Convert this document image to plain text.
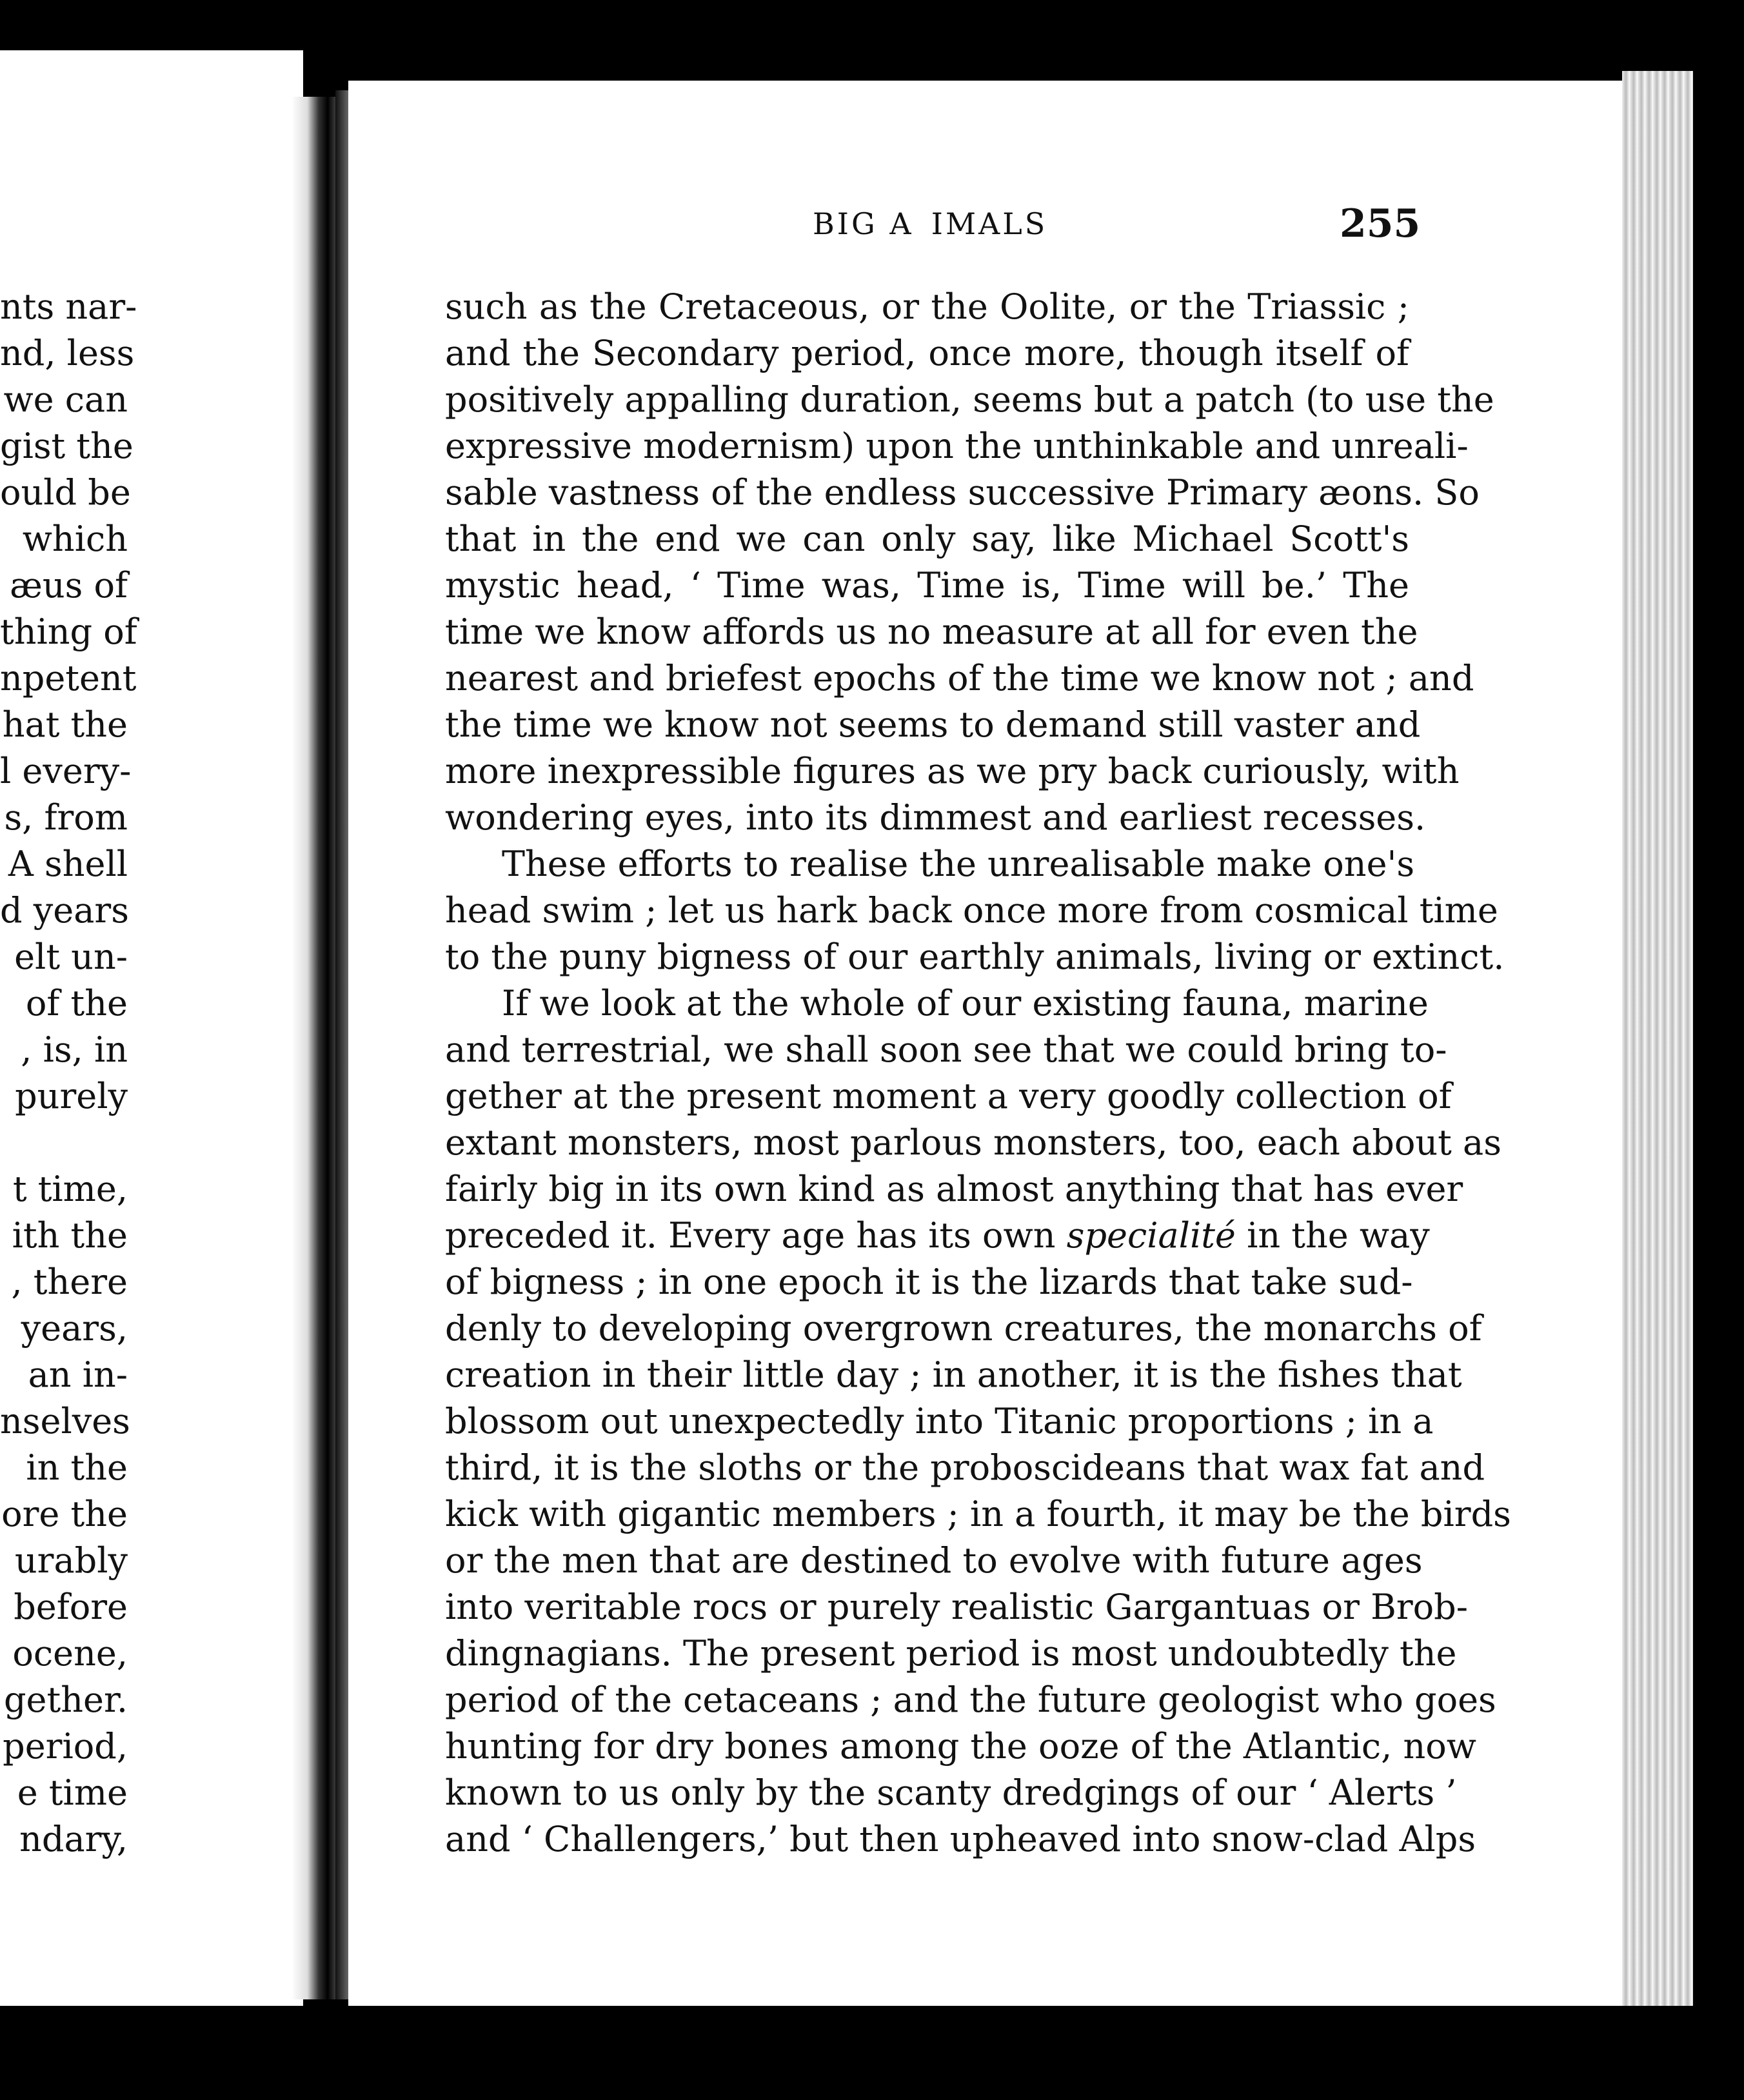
nts nar-
nd, less
we can
gist the
ould be
which
æus of
thing of
npetent
hat the
l every-
s, from
A shell
d years
elt un-
of the
, is, in
purely
t time,
ith the
, there
years,
an in-
nselves
in the
ore the
urably
before
ocene,
gether.
period,
e time
ndary,
BIG A  IMALS	255
such as the Cretaceous, or the Oolite, or the Triassic ;
and the Secondary period, once more, though itself of
positively appalling duration, seems but a patch (to use the
expressive modernism) upon the unthinkable and unreali-
sable vastness of the endless successive Primary æons. So
that in the end we can only say, like Michael Scott's
mystic head, ‘ Time was, Time is, Time will be.’ The
time we know affords us no measure at all for even the
nearest and briefest epochs of the time we know not ; and
the time we know not seems to demand still vaster and
more inexpressible figures as we pry back curiously, with
wondering eyes, into its dimmest and earliest recesses.
These efforts to realise the unrealisable make one's
head swim ; let us hark back once more from cosmical time
to the puny bigness of our earthly animals, living or extinct.
If we look at the whole of our existing fauna, marine
and terrestrial, we shall soon see that we could bring to-
gether at the present moment a very goodly collection of
extant monsters, most parlous monsters, too, each about as
fairly big in its own kind as almost anything that has ever
preceded it. Every age has its own specialité in the way
of bigness ; in one epoch it is the lizards that take sud-
denly to developing overgrown creatures, the monarchs of
creation in their little day ; in another, it is the fishes that
blossom out unexpectedly into Titanic proportions ; in a
third, it is the sloths or the proboscideans that wax fat and
kick with gigantic members ; in a fourth, it may be the birds
or the men that are destined to evolve with future ages
into veritable rocs or purely realistic Gargantuas or Brob-
dingnagians. The present period is most undoubtedly the
period of the cetaceans ; and the future geologist who goes
hunting for dry bones among the ooze of the Atlantic, now
known to us only by the scanty dredgings of our ‘ Alerts ’
and ‘ Challengers,’ but then upheaved into snow-clad Alps
